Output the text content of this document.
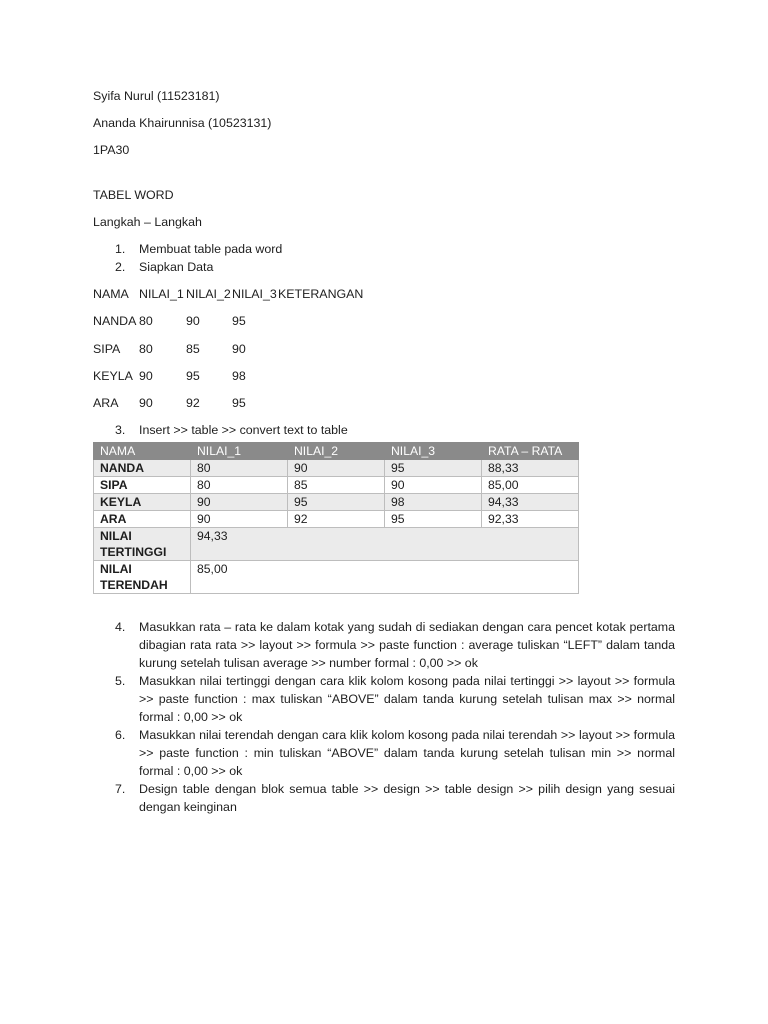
Syifa Nurul (11523181)
Ananda Khairunnisa (10523131)
1PA30
TABEL WORD
Langkah – Langkah
1. Membuat table pada word
2. Siapkan Data
NAMA NILAI_1 NILAI_2 NILAI_3 KETERANGAN
NANDA 80	90	95
SIPA	80	85	90
KEYLA 90	95	98
ARA	90	92	95
3. Insert >> table >> convert text to table
NAMA	NILAI_1	NILAI_2	NILAI_3	RATA – RATA
NANDA	80	90	95	88,33
SIPA	80	85	90	85,00
KEYLA	90	95	98	94,33
ARA	90	92	95	92,33
NILAI
TERTINGGI	94,33			
NILAI
TERENDAH	85,00			
4. Masukkan rata – rata ke dalam kotak yang sudah di sediakan dengan cara pencet kotak pertama dibagian rata rata >> layout >> formula >> paste function : average tuliskan “LEFT” dalam tanda kurung setelah tulisan average >> number formal : 0,00 >> ok
5. Masukkan nilai tertinggi dengan cara klik kolom kosong pada nilai tertinggi >> layout >> formula >> paste function : max tuliskan “ABOVE” dalam tanda kurung setelah tulisan max >> normal formal : 0,00 >> ok
6. Masukkan nilai terendah dengan cara klik kolom kosong pada nilai terendah >> layout >> formula >> paste function : min tuliskan “ABOVE” dalam tanda kurung setelah tulisan min >> normal formal : 0,00 >> ok
7. Design table dengan blok semua table >> design >> table design >> pilih design yang sesuai dengan keinginan
